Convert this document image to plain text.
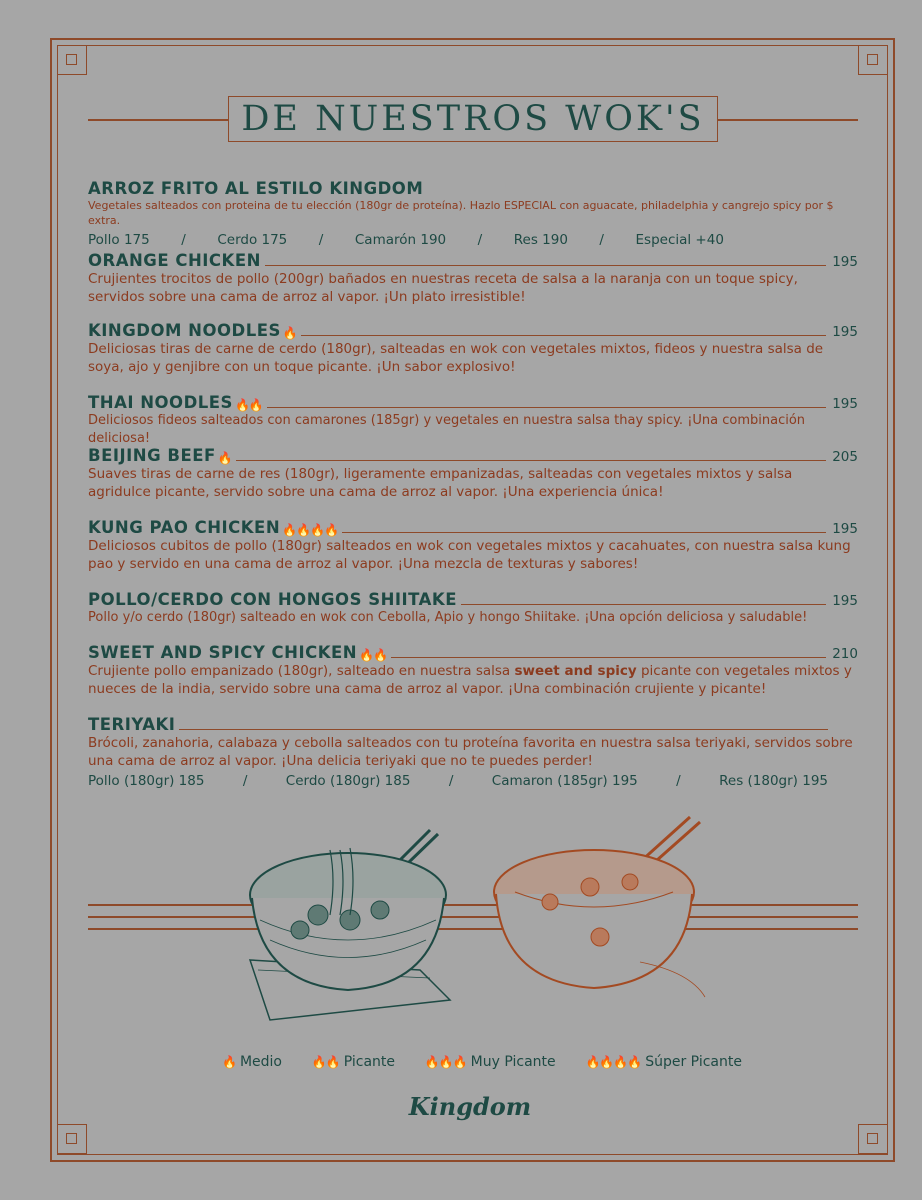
DE NUESTROS WOK'S
ARROZ FRITO AL ESTILO KINGDOM
Vegetales salteados con proteina de tu elección (180gr de proteína). Hazlo ESPECIAL con aguacate, philadelphia y cangrejo spicy por $ extra.
Pollo 175 / Cerdo 175 / Camarón 190 / Res 190 / Especial +40
ORANGE CHICKEN	195
Crujientes trocitos de pollo (200gr) bañados en nuestras receta de salsa a la naranja con un toque spicy, servidos sobre una cama de arroz al vapor. ¡Un plato irresistible!
KINGDOM NOODLES 🔥	195
Deliciosas tiras de carne de cerdo (180gr), salteadas en wok con vegetales mixtos, fideos y nuestra salsa de soya, ajo y genjibre con un toque picante. ¡Un sabor explosivo!
THAI NOODLES 🔥🔥	195
Deliciosos fideos salteados con camarones (185gr) y vegetales en nuestra salsa thay spicy. ¡Una combinación deliciosa!
BEIJING BEEF 🔥	205
Suaves tiras de carne de res (180gr), ligeramente empanizadas, salteadas con vegetales mixtos y salsa agridulce picante, servido sobre una cama de arroz al vapor. ¡Una experiencia única!
KUNG PAO CHICKEN 🔥🔥🔥🔥	195
Deliciosos cubitos de pollo (180gr) salteados en wok con vegetales mixtos y cacahuates, con nuestra salsa kung pao y servido en una cama de arroz al vapor. ¡Una mezcla de texturas y sabores!
POLLO/CERDO CON HONGOS SHIITAKE	195
Pollo y/o cerdo (180gr) salteado en wok con Cebolla, Apio y hongo Shiitake. ¡Una opción deliciosa y saludable!
SWEET AND SPICY CHICKEN 🔥🔥	210
Crujiente pollo empanizado (180gr), salteado en nuestra salsa sweet and spicy picante con vegetales mixtos y nueces de la india, servido sobre una cama de arroz al vapor. ¡Una combinación crujiente y picante!
TERIYAKI
Brócoli, zanahoria, calabaza y cebolla salteados con tu proteína favorita en nuestra salsa teriyaki, servidos sobre una cama de arroz al vapor. ¡Una delicia teriyaki que no te puedes perder!
Pollo (180gr) 185	/	Cerdo (180gr) 185	/	Camaron (185gr) 195	/	Res (180gr) 195
🔥 Medio 🔥🔥 Picante 🔥🔥🔥 Muy Picante 🔥🔥🔥🔥 Súper Picante
Kingdom
